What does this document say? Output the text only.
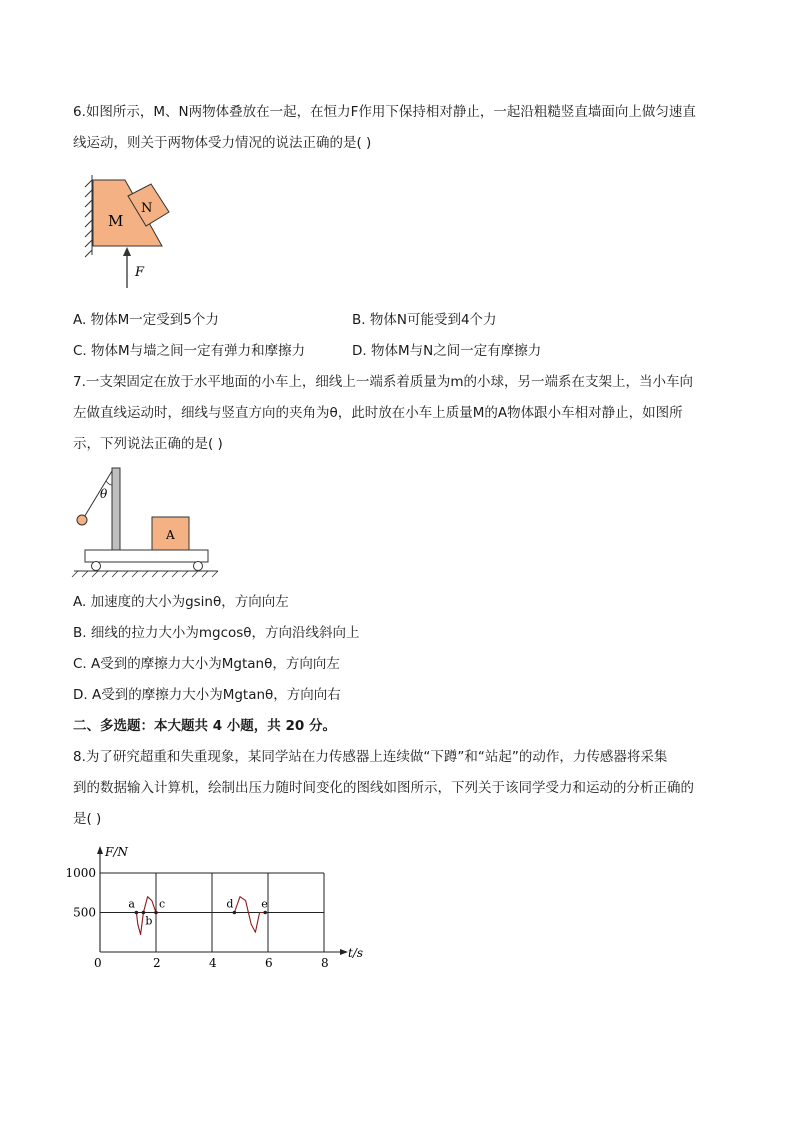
6.如图所示，M、N两物体叠放在一起，在恒力F作用下保持相对静止，一起沿粗糙竖直墙面向上做匀速直
线运动，则关于两物体受力情况的说法正确的是( )
M
N
F
A. 物体M一定受到5个力	B. 物体N可能受到4个力
C. 物体M与墙之间一定有弹力和摩擦力	D. 物体M与N之间一定有摩擦力
7.一支架固定在放于水平地面的小车上，细线上一端系着质量为m的小球，另一端系在支架上，当小车向
左做直线运动时，细线与竖直方向的夹角为θ，此时放在小车上质量M的A物体跟小车相对静止，如图所
示，下列说法正确的是( )
θ
A
A. 加速度的大小为gsinθ，方向向左
B. 细线的拉力大小为mgcosθ，方向沿线斜向上
C. A受到的摩擦力大小为Mgtanθ，方向向左
D. A受到的摩擦力大小为Mgtanθ，方向向右
二、多选题：本大题共 4 小题，共 20 分。
8.为了研究超重和失重现象，某同学站在力传感器上连续做“下蹲”和“站起”的动作，力传感器将采集
到的数据输入计算机，绘制出压力随时间变化的图线如图所示，下列关于该同学受力和运动的分析正确的
是( )
F/N
t/s
0	2	4	6	8
500
1000
a
b
c	d	e
